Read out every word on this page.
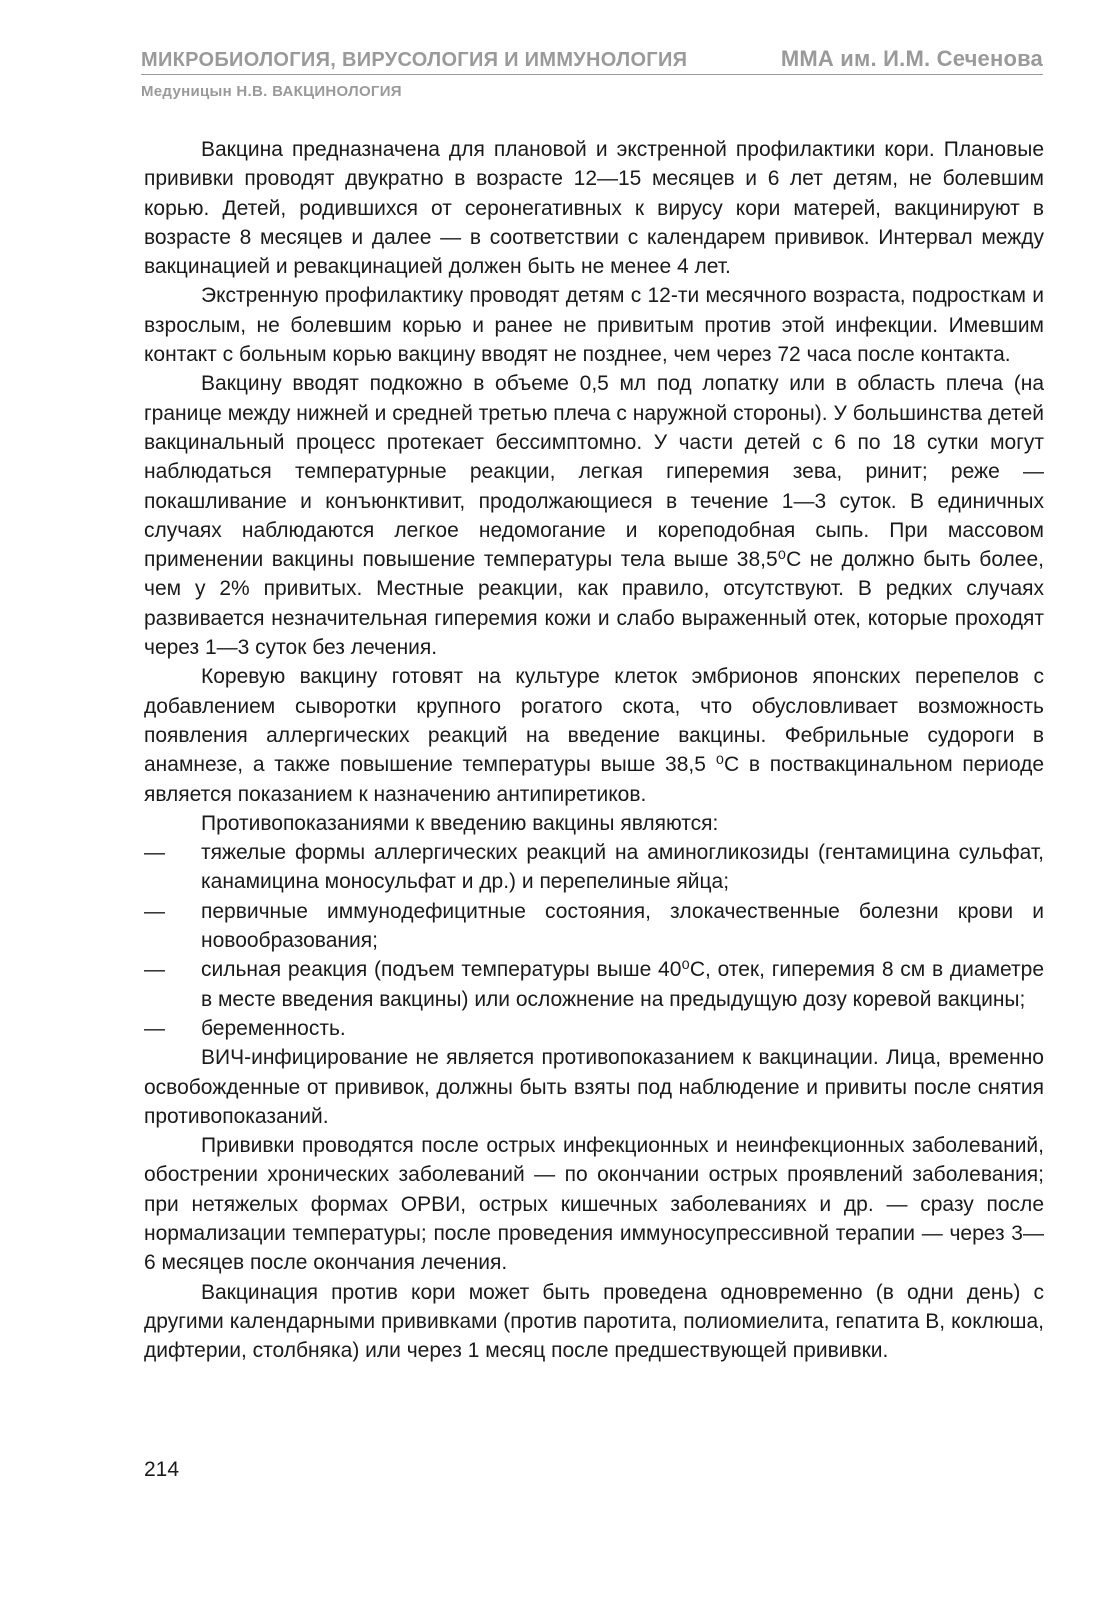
МИКРОБИОЛОГИЯ, ВИРУСОЛОГИЯ И ИММУНОЛОГИЯ	ММА им. И.М. Сеченова
Медуницын Н.В. ВАКЦИНОЛОГИЯ

Вакцина предназначена для плановой и экстренной профилактики кори. Плановые прививки проводят двукратно в возрасте 12—15 месяцев и 6 лет детям, не болевшим корью. Детей, родившихся от серонегативных к вирусу кори матерей, вакцинируют в возрасте 8 месяцев и далее — в соответствии с календарем прививок. Интервал между вакцинацией и ревакцинацией должен быть не менее 4 лет.

Экстренную профилактику проводят детям с 12-ти месячного возраста, подросткам и взрослым, не болевшим корью и ранее не привитым против этой инфекции. Имевшим контакт с больным корью вакцину вводят не позднее, чем через 72 часа после контакта.

Вакцину вводят подкожно в объеме 0,5 мл под лопатку или в область плеча (на границе между нижней и средней третью плеча с наружной стороны). У большинства детей вакцинальный процесс протекает бессимптомно. У части детей с 6 по 18 сутки могут наблюдаться температурные реакции, легкая гиперемия зева, ринит; реже — покашливание и конъюнктивит, продолжающиеся в течение 1—3 суток. В единичных случаях наблюдаются легкое недомогание и кореподобная сыпь. При массовом применении вакцины повышение температуры тела выше 38,5⁰С не должно быть более, чем у 2% привитых. Местные реакции, как правило, отсутствуют. В редких случаях развивается незначительная гиперемия кожи и слабо выраженный отек, которые проходят через 1—3 суток без лечения.

Коревую вакцину готовят на культуре клеток эмбрионов японских перепелов с добавлением сыворотки крупного рогатого скота, что обусловливает возможность появления аллергических реакций на введение вакцины. Фебрильные судороги в анамнезе, а также повышение температуры выше 38,5 ⁰С в поствакцинальном периоде является показанием к назначению антипиретиков.

Противопоказаниями к введению вакцины являются:

— тяжелые формы аллергических реакций на аминогликозиды (гентамицина сульфат, канамицина моносульфат и др.) и перепелиные яйца;
— первичные иммунодефицитные состояния, злокачественные болезни крови и новообразования;
— сильная реакция (подъем температуры выше 40⁰С, отек, гиперемия 8 см в диаметре в месте введения вакцины) или осложнение на предыдущую дозу коревой вакцины;
— беременность.

ВИЧ-инфицирование не является противопоказанием к вакцинации. Лица, временно освобожденные от прививок, должны быть взяты под наблюдение и привиты после снятия противопоказаний.

Прививки проводятся после острых инфекционных и неинфекционных заболеваний, обострении хронических заболеваний — по окончании острых проявлений заболевания; при нетяжелых формах ОРВИ, острых кишечных заболеваниях и др. — сразу после нормализации температуры; после проведения иммуносупрессивной терапии — через 3—6 месяцев после окончания лечения.

Вакцинация против кори может быть проведена одновременно (в одни день) с другими календарными прививками (против паротита, полиомиелита, гепатита В, коклюша, дифтерии, столбняка) или через 1 месяц после предшествующей прививки.

214
